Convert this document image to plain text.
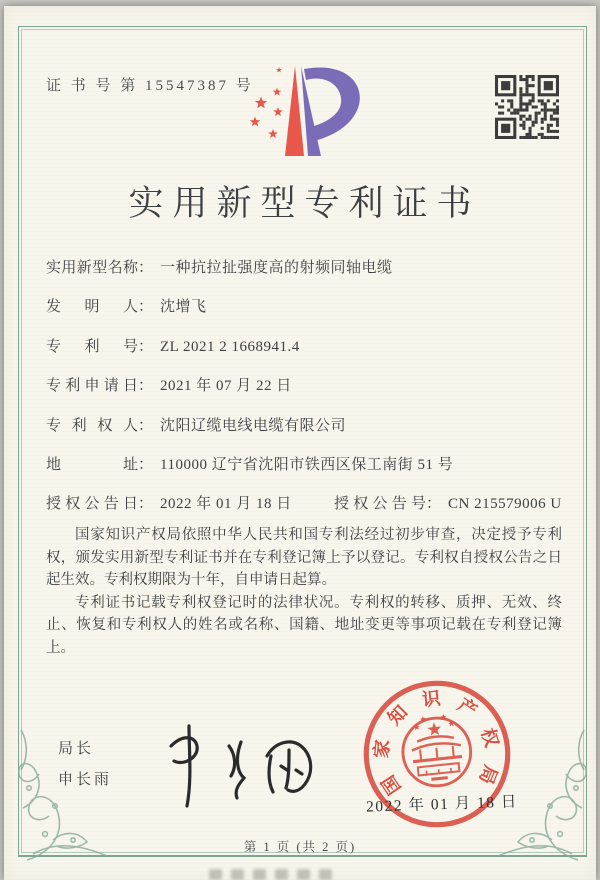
证 书 号 第 15547387 号
实用新型专利证书
实用新型名称： 一种抗拉扯强度高的射频同轴电缆
发明人： 沈增飞
专利号： ZL 2021 2 1668941.4
专利申请日： 2021 年 07 月 22 日
专利权人： 沈阳辽缆电线电缆有限公司
地址： 110000 辽宁省沈阳市铁西区保工南街 51 号
授权公告日： 2022 年 01 月 18 日	授权公告号： CN 215579006 U

国家知识产权局依照中华人民共和国专利法经过初步审查，决定授予专利权，颁发实用新型专利证书并在专利登记簿上予以登记。专利权自授权公告之日起生效。专利权期限为十年，自申请日起算。

专利证书记载专利权登记时的法律状况。专利权的转移、质押、无效、终止、恢复和专利权人的姓名或名称、国籍、地址变更等事项记载在专利登记簿上。

局长
申长雨	国
家
知
识 产
权
局
2022 年 01 月 18 日
第 1 页 (共 2 页)
